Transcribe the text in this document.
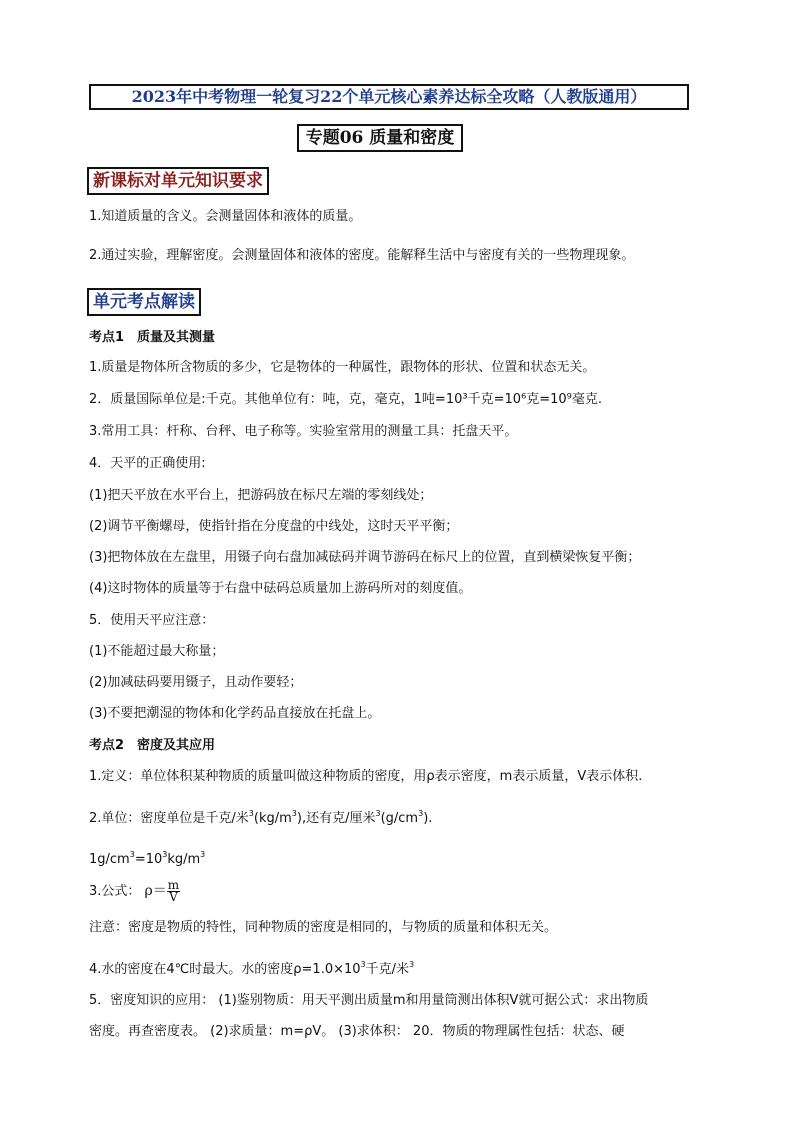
2023年中考物理一轮复习22个单元核心素养达标全攻略（人教版通用）
专题06 质量和密度
新课标对单元知识要求
1.知道质量的含义。会测量固体和液体的质量。
2.通过实验，理解密度。会测量固体和液体的密度。能解释生活中与密度有关的一些物理现象。
单元考点解读
考点1　质量及其测量
1.质量是物体所含物质的多少，它是物体的一种属性，跟物体的形状、位置和状态无关。
2．质量国际单位是:千克。其他单位有：吨，克，毫克，1吨=10³千克=10⁶克=10⁹毫克.
3.常用工具：杆称、台秤、电子称等。实验室常用的测量工具：托盘天平。
4．天平的正确使用:
(1)把天平放在水平台上，把游码放在标尺左端的零刻线处；
(2)调节平衡螺母，使指针指在分度盘的中线处，这时天平平衡；
(3)把物体放在左盘里，用镊子向右盘加减砝码并调节游码在标尺上的位置，直到横梁恢复平衡；
(4)这时物体的质量等于右盘中砝码总质量加上游码所对的刻度值。
5．使用天平应注意：
(1)不能超过最大称量；
(2)加减砝码要用镊子，且动作要轻；
(3)不要把潮湿的物体和化学药品直接放在托盘上。
考点2　密度及其应用
1.定义：单位体积某种物质的质量叫做这种物质的密度，用ρ表示密度，m表示质量，V表示体积.
2.单位：密度单位是千克/米$^3(kg/m^3)$,还有克/厘米$^3(g/cm^3)$.
$1g/cm^3=10^3kg/m^3$
3.公式： $\rho= \frac{m}{V}$
注意：密度是物质的特性，同种物质的密度是相同的，与物质的质量和体积无关。
4.水的密度在4℃时最大。水的密度$\rho=1.0\times 10^3$千克/米$^3$
5．密度知识的应用： (1)鉴别物质：用天平测出质量m和用量筒测出体积V就可据公式：求出物质
密度。再查密度表。 (2)求质量：m=ρV。 (3)求体积： 20．物质的物理属性包括：状态、硬
